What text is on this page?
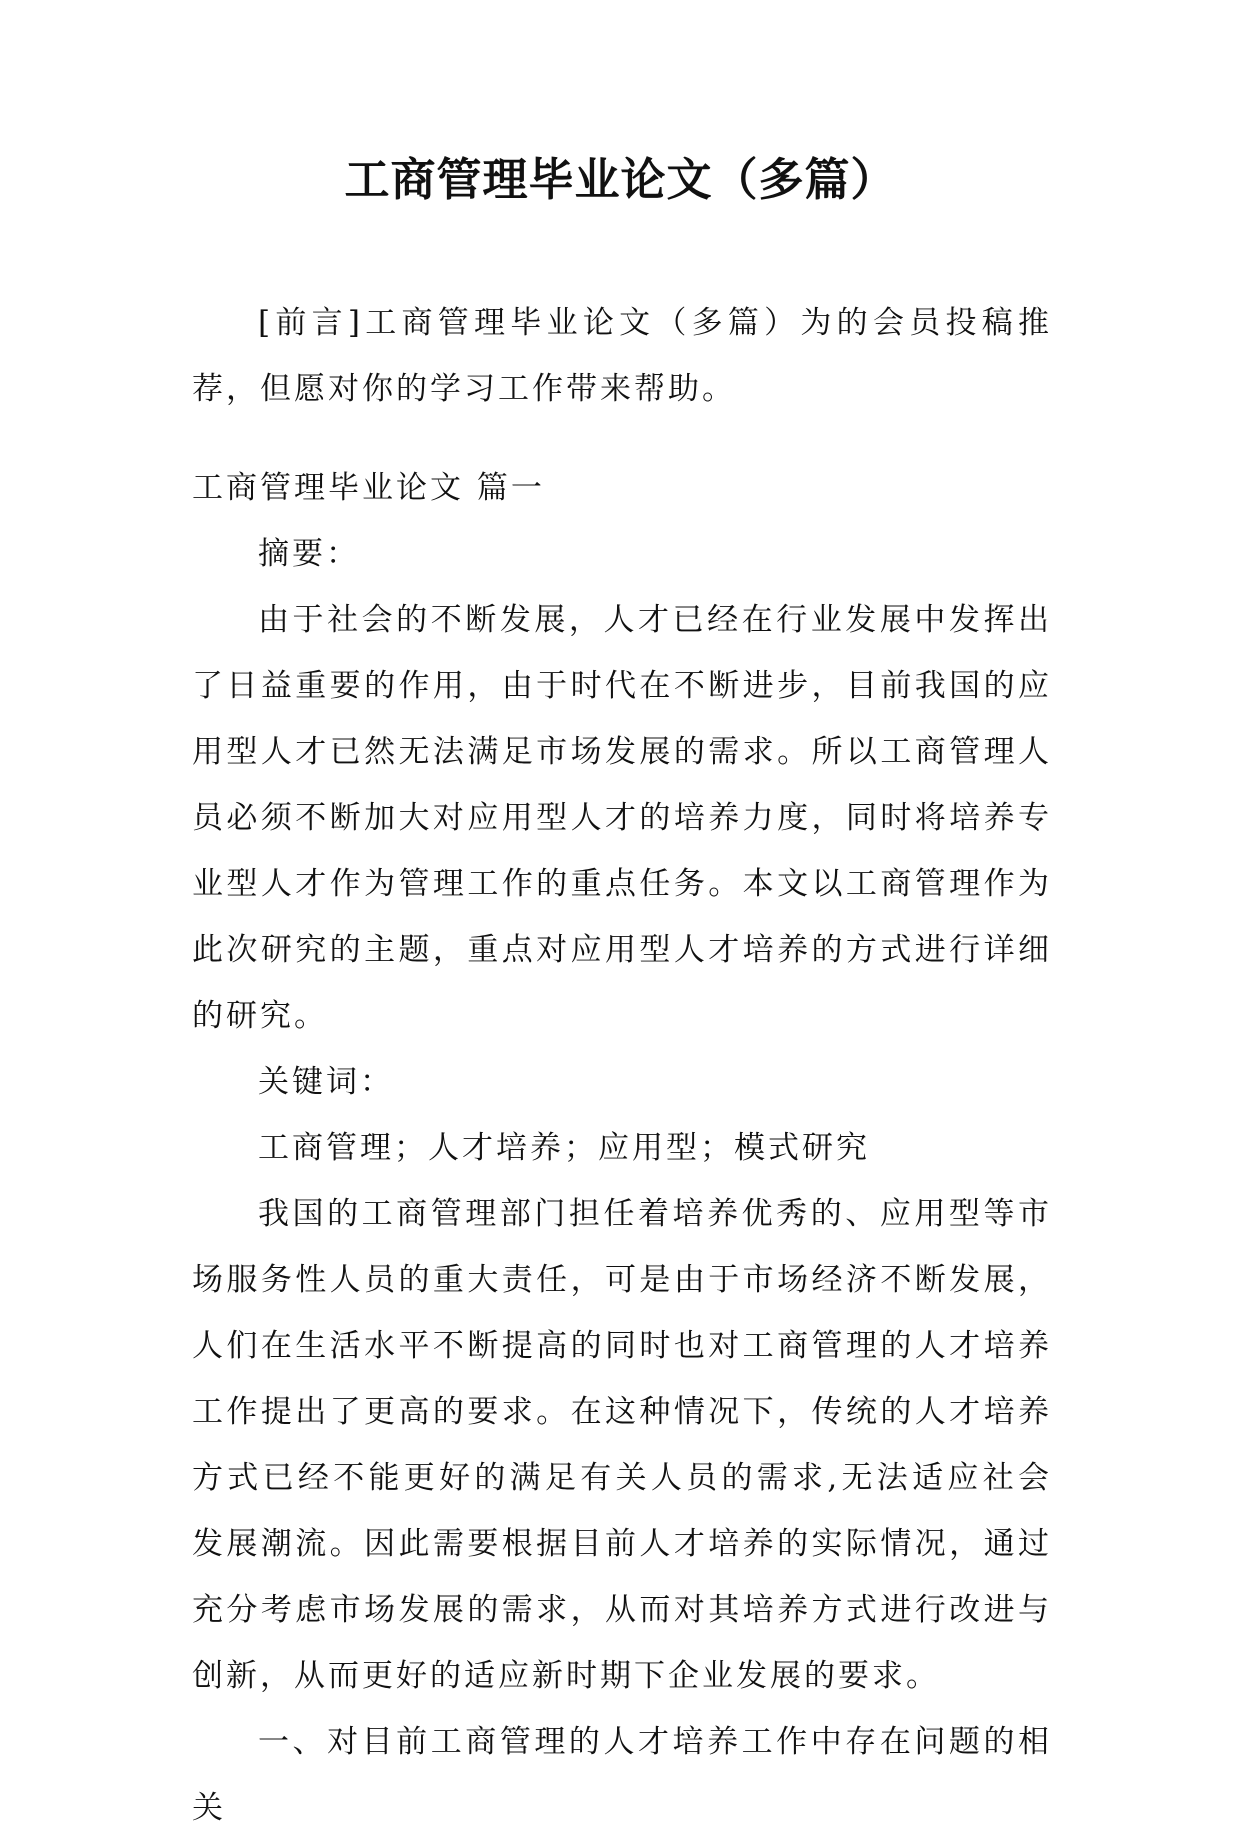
工商管理毕业论文（多篇）

[前言]工商管理毕业论文（多篇）为的会员投稿推荐，但愿对你的学习工作带来帮助。

工商管理毕业论文 篇一

摘要：

由于社会的不断发展，人才已经在行业发展中发挥出了日益重要的作用，由于时代在不断进步，目前我国的应用型人才已然无法满足市场发展的需求。所以工商管理人员必须不断加大对应用型人才的培养力度，同时将培养专业型人才作为管理工作的重点任务。本文以工商管理作为此次研究的主题，重点对应用型人才培养的方式进行详细的研究。

关键词：

工商管理；人才培养；应用型；模式研究

我国的工商管理部门担任着培养优秀的、应用型等市场服务性人员的重大责任，可是由于市场经济不断发展，人们在生活水平不断提高的同时也对工商管理的人才培养工作提出了更高的要求。在这种情况下，传统的人才培养方式已经不能更好的满足有关人员的需求,无法适应社会发展潮流。因此需要根据目前人才培养的实际情况，通过充分考虑市场发展的需求，从而对其培养方式进行改进与创新，从而更好的适应新时期下企业发展的要求。

一、对目前工商管理的人才培养工作中存在问题的相关
